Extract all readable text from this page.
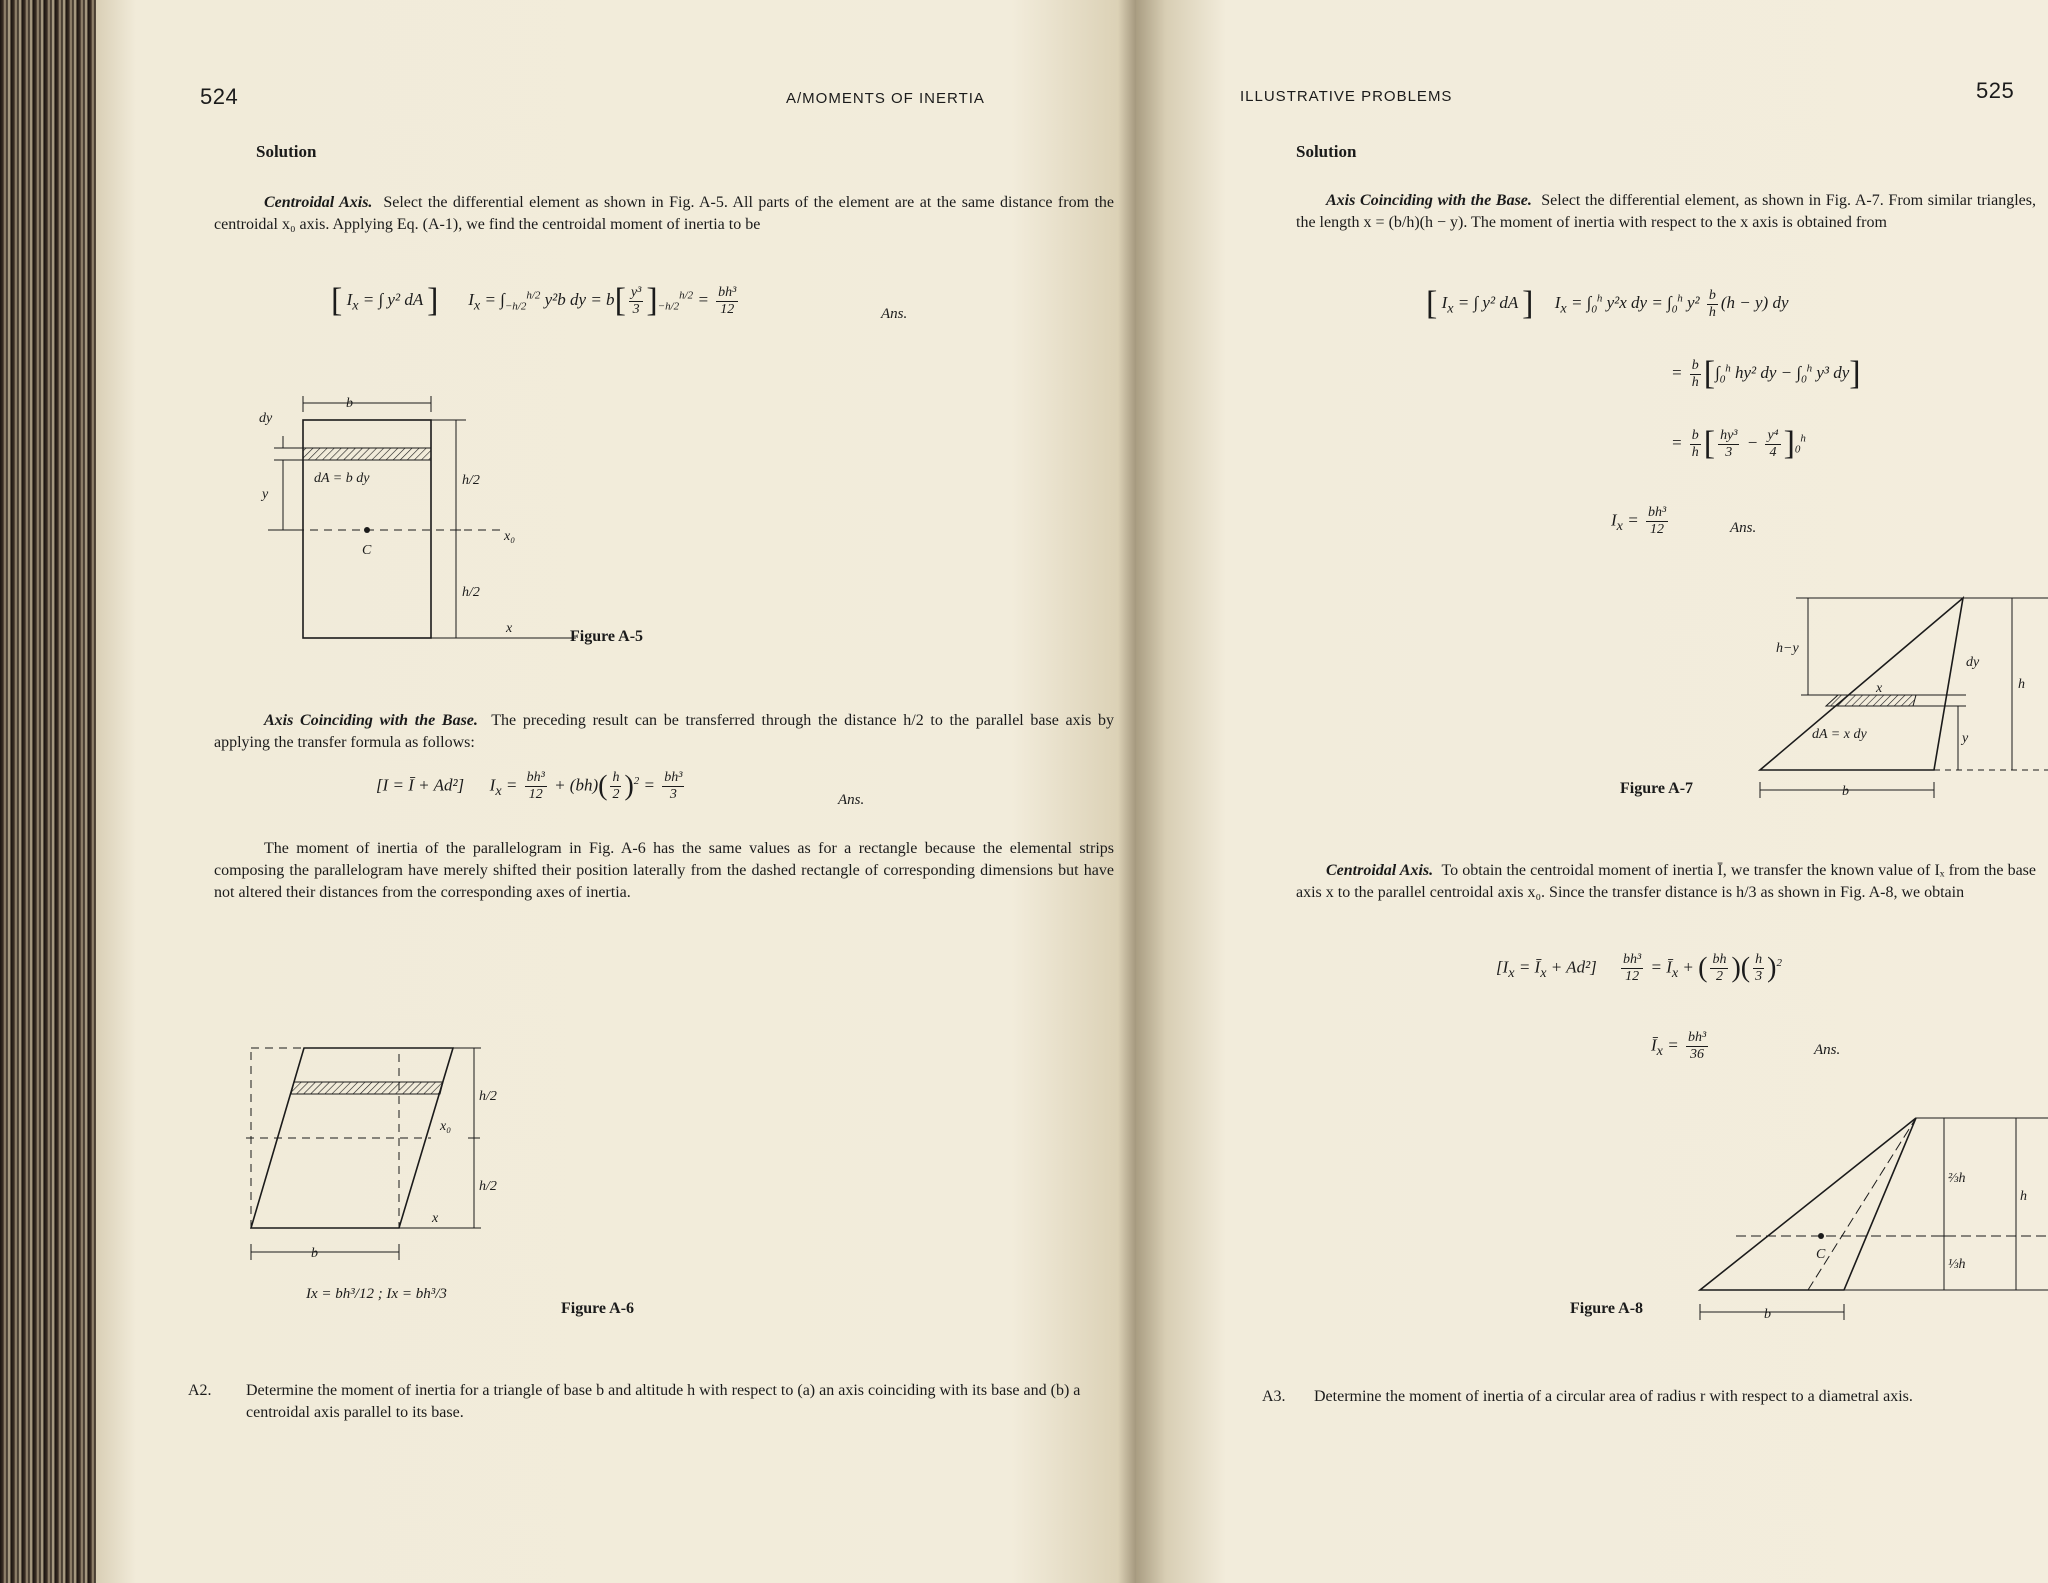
524	A/MOMENTS OF INERTIA
Solution
Centroidal Axis. Select the differential element as shown in Fig. A-5. All parts of the element are at the same distance from the centroidal x₀ axis. Applying Eq. (A-1), we find the centroidal moment of inertia to be
[ $I_x$ = ∫ y² dA ]       $I_x = \int_{-h/2}^{h/2}$ y²b dy = $b[ \frac{\text{y³}}{3} ]_{-h/2}^{h/2} = \frac{\text{bh³}}{12}$	Ans.
b
dy
y
dA = b dy	h/2
h/2
x₀
C
x	Figure A-5
Axis Coinciding with the Base. The preceding result can be transferred through the distance h/2 to the parallel base axis by applying the transfer formula as follows:
[I = Ī + Ad²]      $I_x = \frac{\text{bh³}}{12} + (bh)( \frac{h}{2} )^2 = \frac{\text{bh³}}{3}$	Ans.
The moment of inertia of the parallelogram in Fig. A-6 has the same values as for a rectangle because the elemental strips composing the parallelogram have merely shifted their position laterally from the dashed rectangle of corresponding dimensions but have not altered their distances from the corresponding axes of inertia.
b
x₀
x
h/2
h/2
Ix = bh³/12 ; Ix = bh³/3
Figure A-6
A2. Determine the moment of inertia for a triangle of base b and altitude h with respect to (a) an axis coinciding with its base and (b) a centroidal axis parallel to its base.
ILLUSTRATIVE PROBLEMS	525
Solution
Axis Coinciding with the Base. Select the differential element, as shown in Fig. A-7. From similar triangles, the length x = (b/h)(h − y). The moment of inertia with respect to the x axis is obtained from
[ $I_x$ = ∫ y² dA ]     $I_x = \int_0^h$ y²x dy = $\int_0^h$ $y^2 \frac{b}{h} (h - y)$ dy
= $\frac{b}{h} [\int_0^h$ hy² dy − $\int_0^h$ y³ dy]
= $\frac{b}{h}$ [ $\frac{\text{hy³}}{3} - \frac{\text{y⁴}}{4} ]_0^h$
$I_x = \frac{\text{bh³}}{12}$	Ans.
h−y
x
dy
h
dA = x dy	y
b
Figure A-7
Centroidal Axis. To obtain the centroidal moment of inertia Ī, we transfer the known value of Iₓ from the base axis x to the parallel centroidal axis x₀. Since the transfer distance is h/3 as shown in Fig. A-8, we obtain
[$I_x$ = $Ī_x + Ad^2] \frac{\text{bh³}}{12}$ = $Ī_x$ + ( $\frac{bh}{2}$ )( $\frac{h}{3} )^2$
$Ī_x = \frac{\text{bh³}}{36}$	Ans.
⅔h
h
C
⅓h
b
Figure A-8
A3. Determine the moment of inertia of a circular area of radius r with respect to a diametral axis.
